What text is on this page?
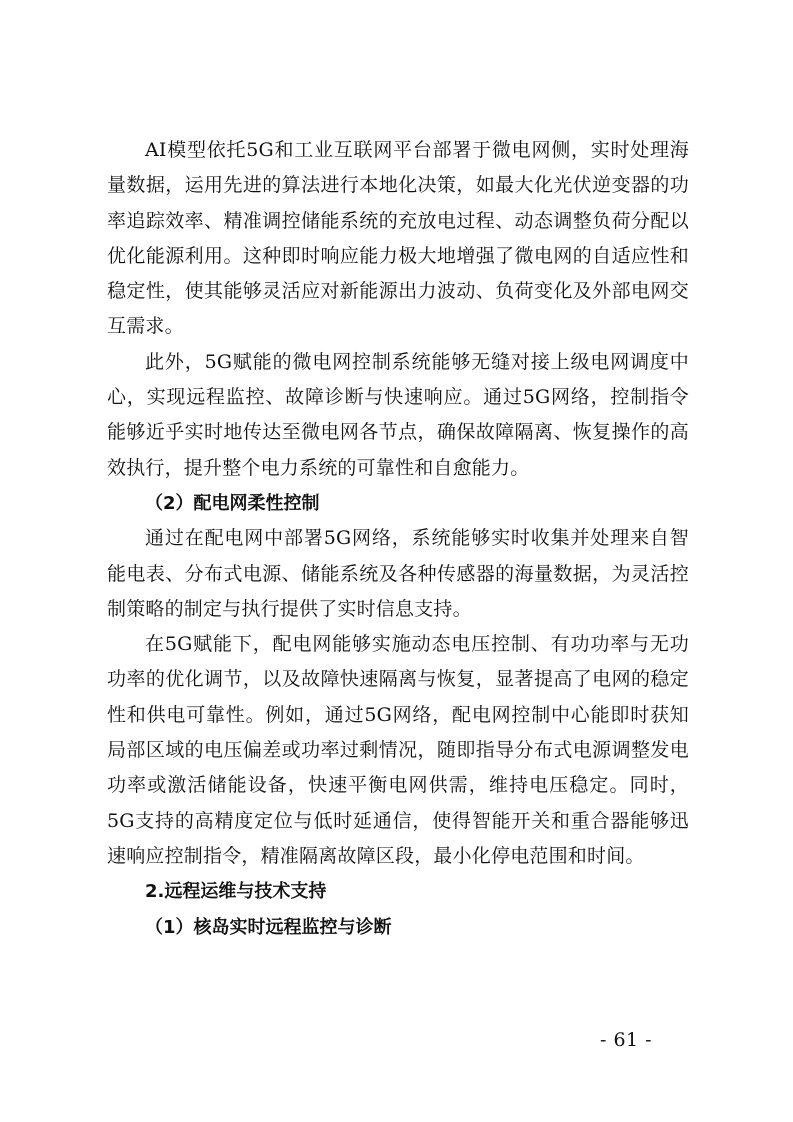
AI模型依托5G和工业互联网平台部署于微电网侧，实时处理海量数据，运用先进的算法进行本地化决策，如最大化光伏逆变器的功率追踪效率、精准调控储能系统的充放电过程、动态调整负荷分配以优化能源利用。这种即时响应能力极大地增强了微电网的自适应性和稳定性，使其能够灵活应对新能源出力波动、负荷变化及外部电网交互需求。

此外，5G赋能的微电网控制系统能够无缝对接上级电网调度中心，实现远程监控、故障诊断与快速响应。通过5G网络，控制指令能够近乎实时地传达至微电网各节点，确保故障隔离、恢复操作的高效执行，提升整个电力系统的可靠性和自愈能力。

（2）配电网柔性控制

通过在配电网中部署5G网络，系统能够实时收集并处理来自智能电表、分布式电源、储能系统及各种传感器的海量数据，为灵活控制策略的制定与执行提供了实时信息支持。

在5G赋能下，配电网能够实施动态电压控制、有功功率与无功功率的优化调节，以及故障快速隔离与恢复，显著提高了电网的稳定性和供电可靠性。例如，通过5G网络，配电网控制中心能即时获知局部区域的电压偏差或功率过剩情况，随即指导分布式电源调整发电功率或激活储能设备，快速平衡电网供需，维持电压稳定。同时，5G支持的高精度定位与低时延通信，使得智能开关和重合器能够迅速响应控制指令，精准隔离故障区段，最小化停电范围和时间。

2.远程运维与技术支持

（1）核岛实时远程监控与诊断

- 61 -
